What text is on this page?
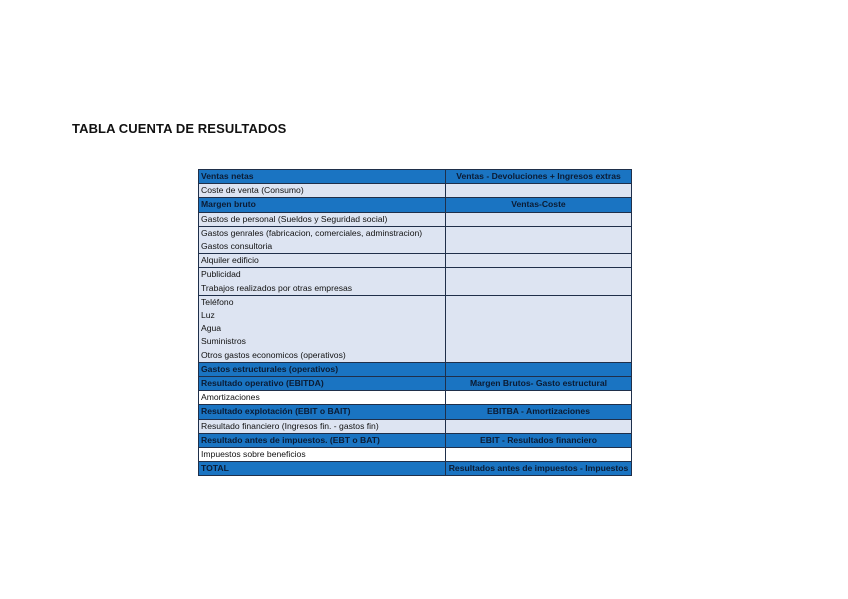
TABLA CUENTA DE RESULTADOS
Ventas netas	Ventas - Devoluciones + Ingresos extras

Coste de venta (Consumo)	

Margen bruto	Ventas-Coste

Gastos de personal (Sueldos y Seguridad social)	

Gastos genrales (fabricacion, comerciales, adminstracion)
Gastos consultoria	

Alquiler edificio	

Publicidad
Trabajos realizados por otras empresas	

Teléfono
Luz
Agua
Suministros
Otros gastos economicos (operativos)	

Gastos estructurales (operativos)	

Resultado operativo (EBITDA)	Margen Brutos- Gasto estructural

Amortizaciones	

Resultado explotación (EBIT o BAIT)	EBITBA - Amortizaciones

Resultado financiero (Ingresos fin. - gastos fin)	

Resultado antes de impuestos. (EBT o BAT)	EBIT - Resultados financiero

Impuestos sobre beneficios	

TOTAL	Resultados antes de impuestos - Impuestos
